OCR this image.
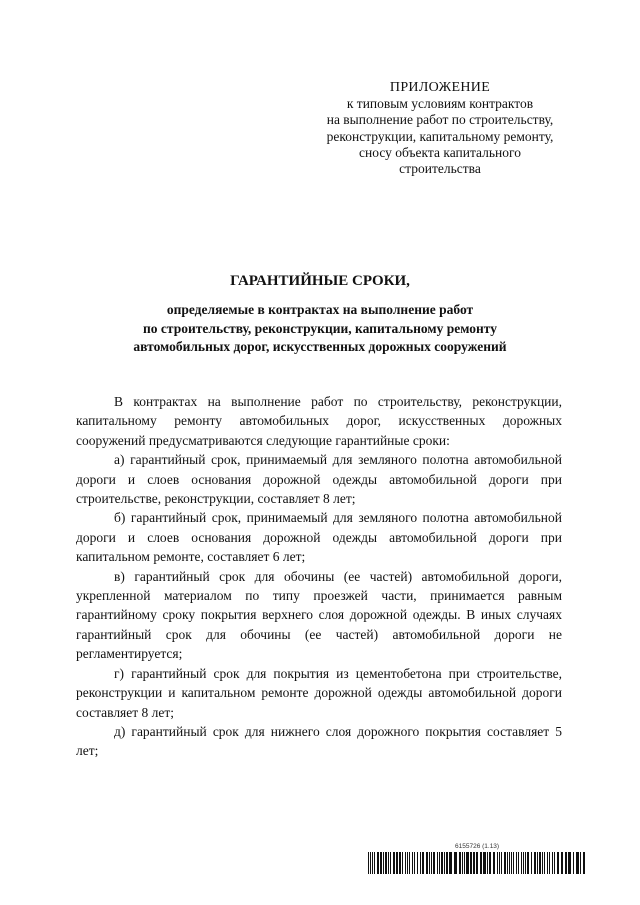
ПРИЛОЖЕНИЕ
к типовым условиям контрактов
на выполнение работ по строительству,
реконструкции, капитальному ремонту,
сносу объекта капитального
строительства
ГАРАНТИЙНЫЕ СРОКИ,
определяемые в контрактах на выполнение работ
по строительству, реконструкции, капитальному ремонту
автомобильных дорог, искусственных дорожных сооружений

В контрактах на выполнение работ по строительству, реконструкции, капитальному ремонту автомобильных дорог, искусственных дорожных сооружений предусматриваются следующие гарантийные сроки:

а) гарантийный срок, принимаемый для земляного полотна автомобильной дороги и слоев основания дорожной одежды автомобильной дороги при строительстве, реконструкции, составляет 8 лет;

б) гарантийный срок, принимаемый для земляного полотна автомобильной дороги и слоев основания дорожной одежды автомобильной дороги при капитальном ремонте, составляет 6 лет;

в) гарантийный срок для обочины (ее частей) автомобильной дороги, укрепленной материалом по типу проезжей части, принимается равным гарантийному сроку покрытия верхнего слоя дорожной одежды. В иных случаях гарантийный срок для обочины (ее частей) автомобильной дороги не регламентируется;

г) гарантийный срок для покрытия из цементобетона при строительстве, реконструкции и капитальном ремонте дорожной одежды автомобильной дороги составляет 8 лет;

д) гарантийный срок для нижнего слоя дорожного покрытия составляет 5 лет;

6155726 (1.13)
